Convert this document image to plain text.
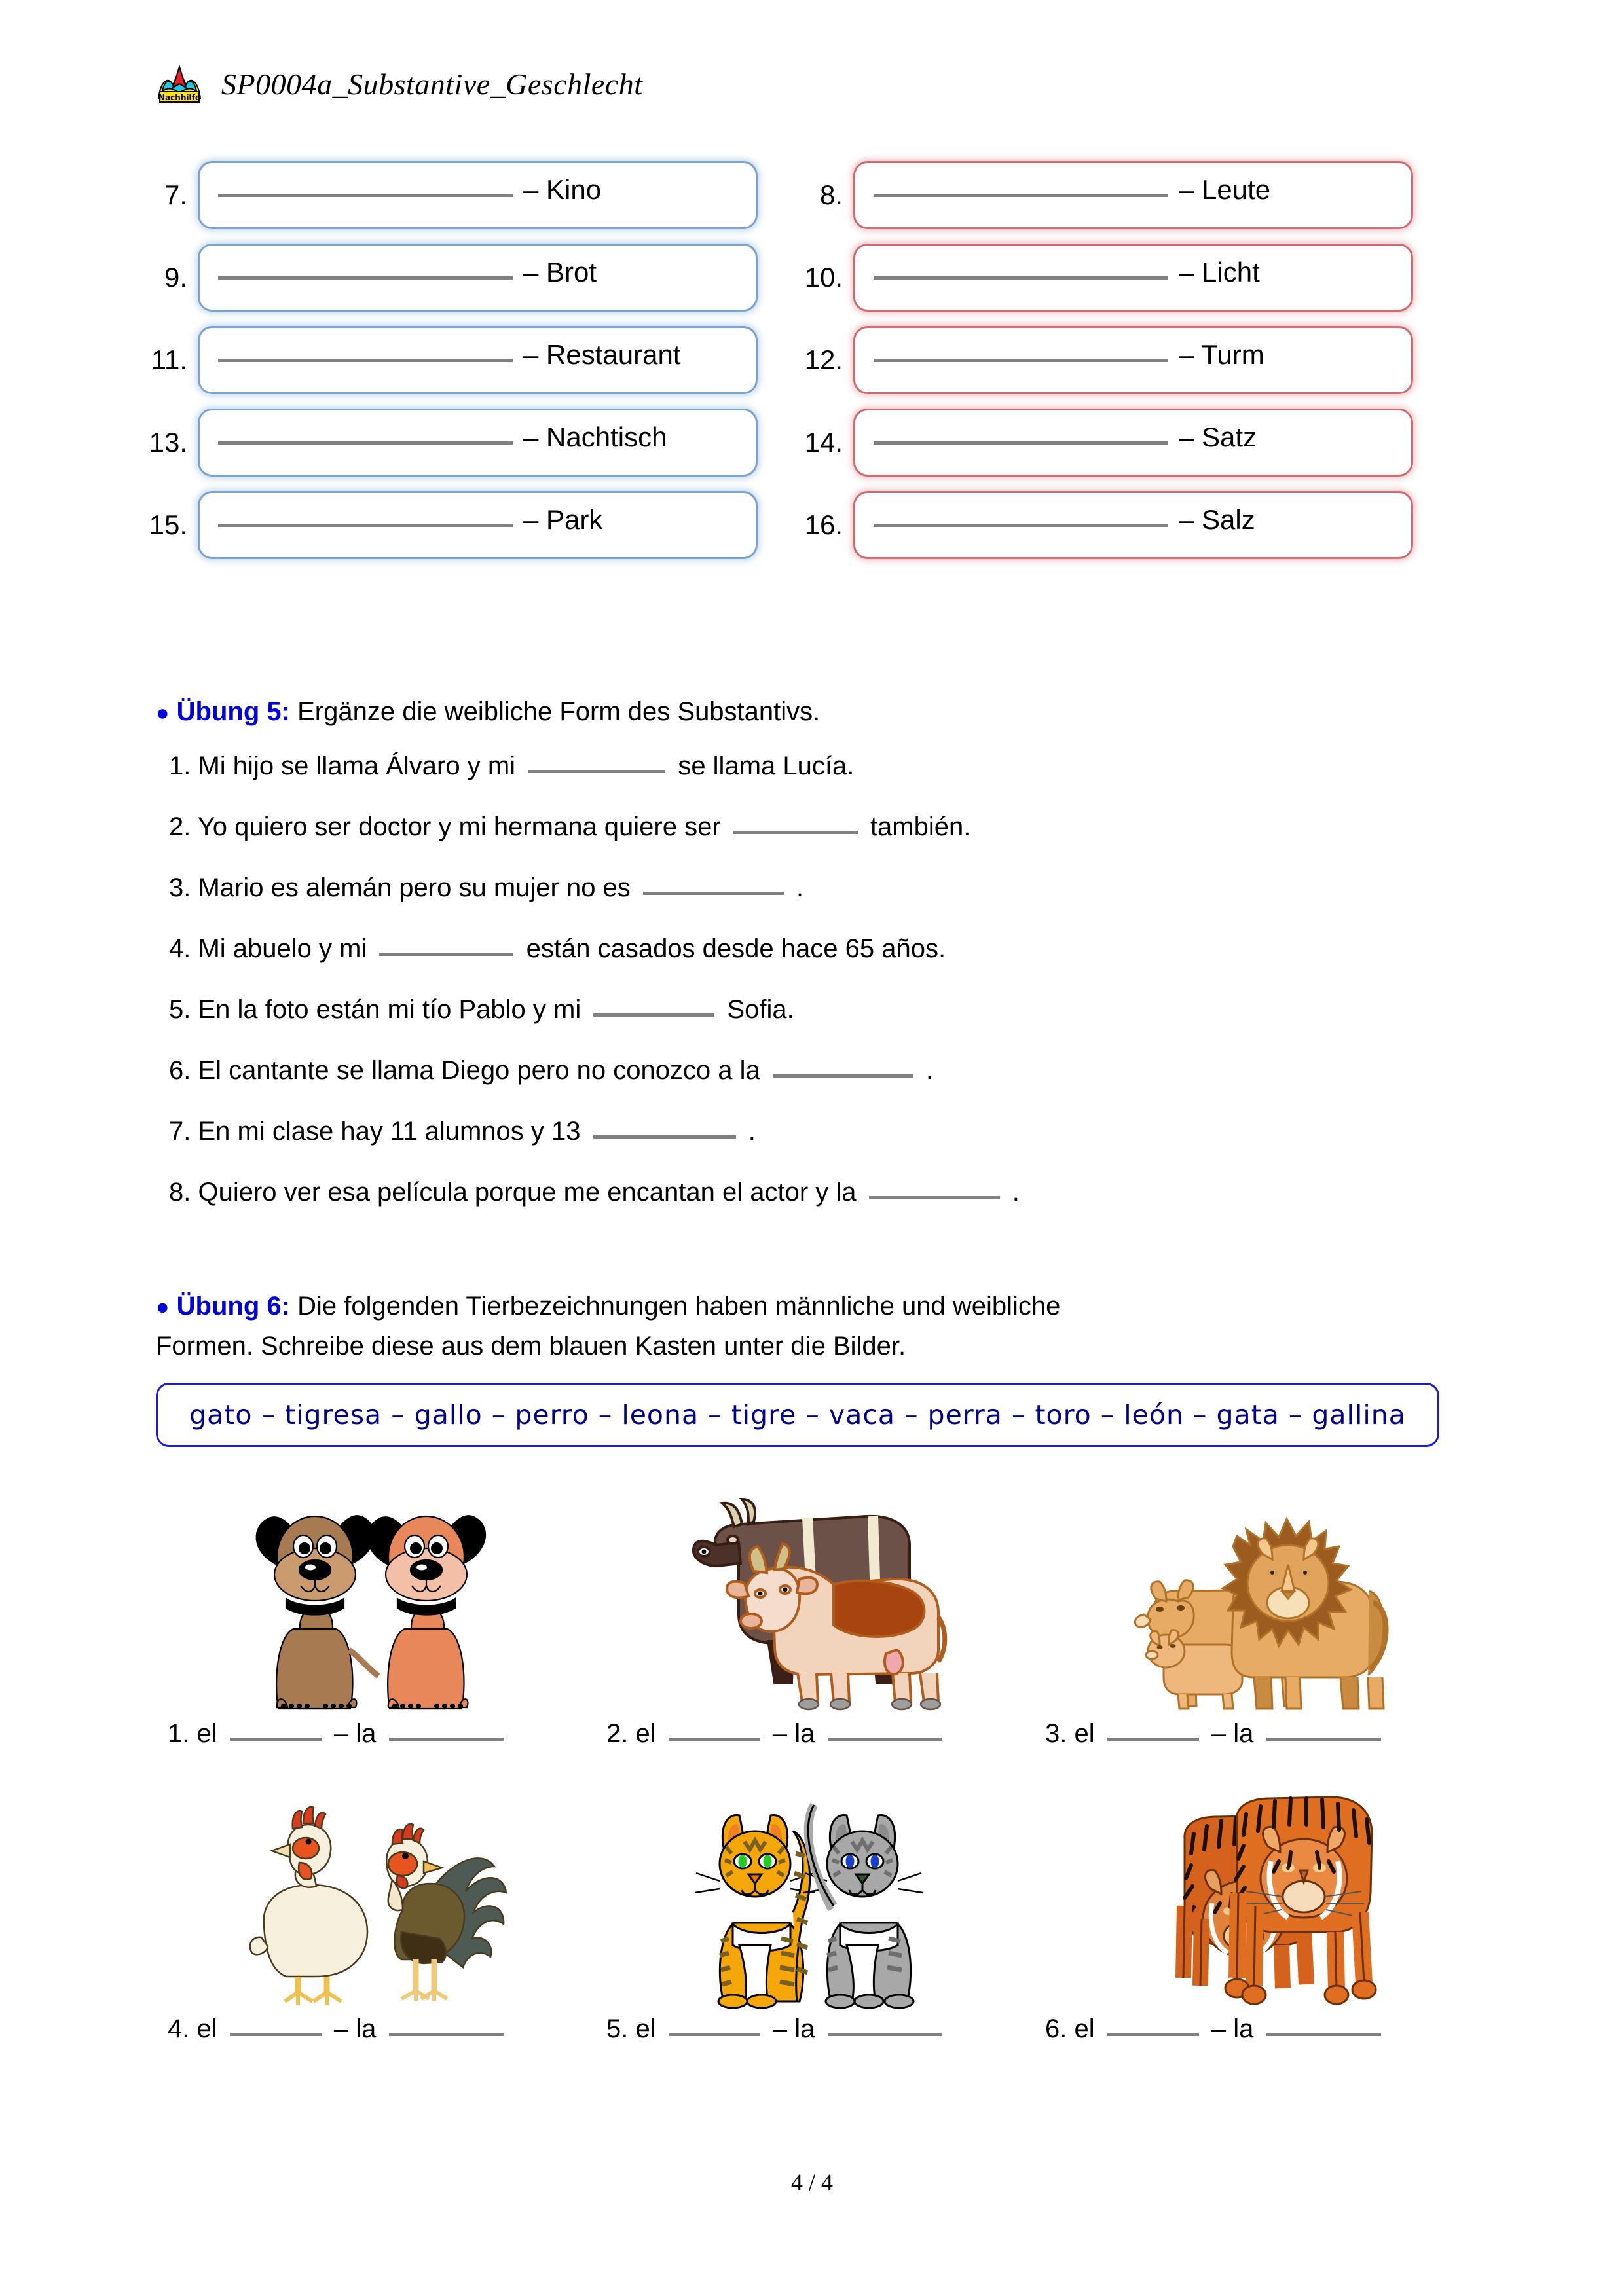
Nachhilfe SP0004a_Substantive_Geschlecht
7.	– Kino	8.	– Leute
9.	– Brot	10.	– Licht
11.	– Restaurant	12.	– Turm
13.	– Nachtisch	14.	– Satz
15.	– Park	16.	– Salz
● Übung 5: Ergänze die weibliche Form des Substantivs.
1. Mi hijo se llama Álvaro y mi	se llama Lucía.
2. Yo quiero ser doctor y mi hermana quiere ser	también.
3. Mario es alemán pero su mujer no es	.
4. Mi abuelo y mi	están casados desde hace 65 años.
5. En la foto están mi tío Pablo y mi	Sofia.
6. El cantante se llama Diego pero no conozco a la	.
7. En mi clase hay 11 alumnos y 13	.
8. Quiero ver esa película porque me encantan el actor y la	.
● Übung 6: Die folgenden Tierbezeichnungen haben männliche und weibliche
Formen. Schreibe diese aus dem blauen Kasten unter die Bilder.
gato – tigresa – gallo – perro – leona – tigre – vaca – perra – toro – león – gata – gallina
1. el	– la	2. el	– la	3. el	– la
4. el	– la	5. el	– la	6. el	– la
4 / 4
